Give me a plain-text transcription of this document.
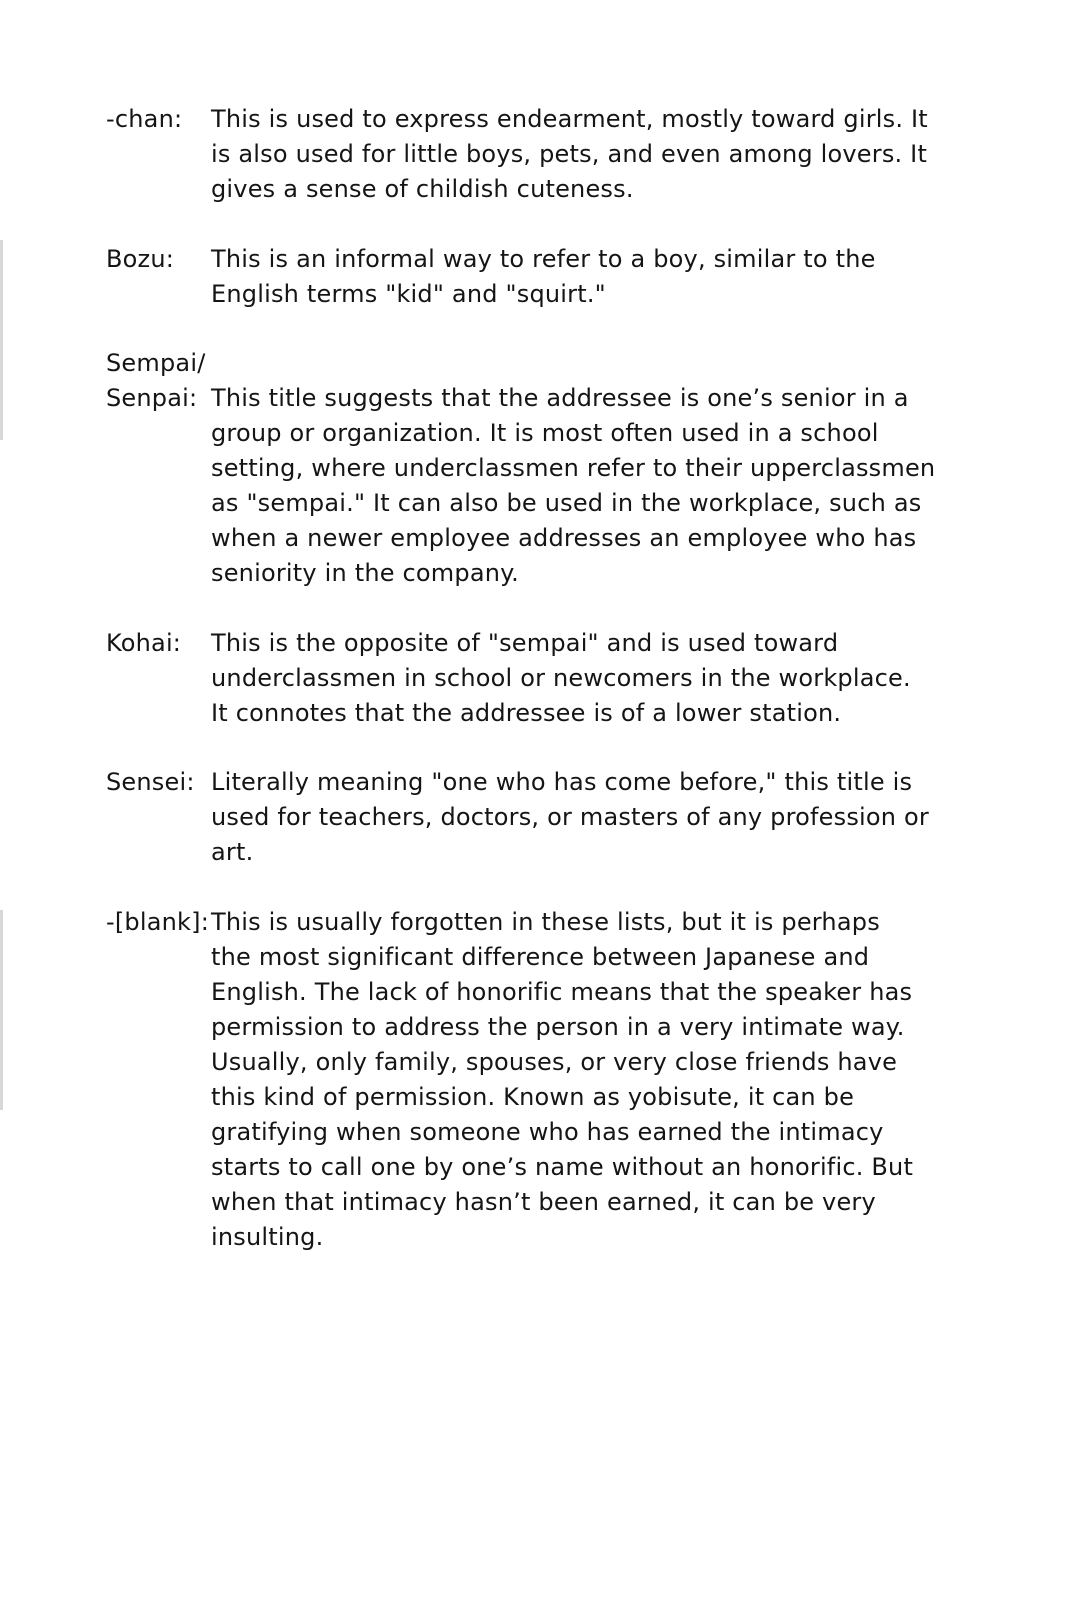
-chan: This is used to express endearment, mostly toward girls. It
is also used for little boys, pets, and even among lovers. It
gives a sense of childish cuteness.
Bozu: This is an informal way to refer to a boy, similar to the
English terms "kid" and "squirt."
Sempai/
Senpai: This title suggests that the addressee is one’s senior in a
group or organization. It is most often used in a school
setting, where underclassmen refer to their upperclassmen
as "sempai." It can also be used in the workplace, such as
when a newer employee addresses an employee who has
seniority in the company.
Kohai: This is the opposite of "sempai" and is used toward
underclassmen in school or newcomers in the workplace.
It connotes that the addressee is of a lower station.
Sensei: Literally meaning "one who has come before," this title is
used for teachers, doctors, or masters of any profession or
art.
-[blank]: This is usually forgotten in these lists, but it is perhaps
the most significant difference between Japanese and
English. The lack of honorific means that the speaker has
permission to address the person in a very intimate way.
Usually, only family, spouses, or very close friends have
this kind of permission. Known as yobisute, it can be
gratifying when someone who has earned the intimacy
starts to call one by one’s name without an honorific. But
when that intimacy hasn’t been earned, it can be very
insulting.
